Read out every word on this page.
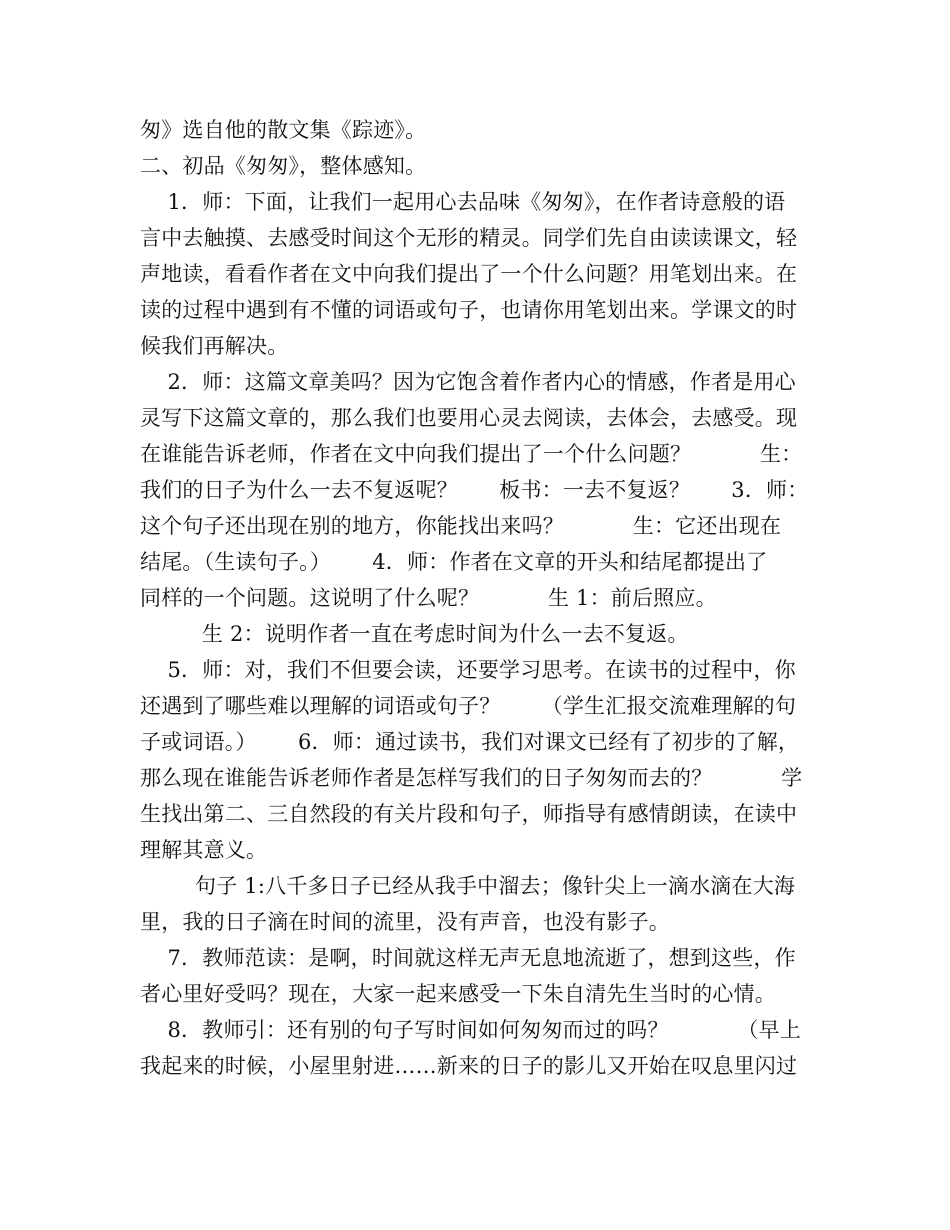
匆》选自他的散文集《踪迹》。
二、初品《匆匆》，整体感知。
1．师：下面，让我们一起用心去品味《匆匆》，在作者诗意般的语
言中去触摸、去感受时间这个无形的精灵。同学们先自由读读课文，轻
声地读，看看作者在文中向我们提出了一个什么问题？用笔划出来。在
读的过程中遇到有不懂的词语或句子，也请你用笔划出来。学课文的时
候我们再解决。
2．师：这篇文章美吗？因为它饱含着作者内心的情感，作者是用心
灵写下这篇文章的，那么我们也要用心灵去阅读，去体会，去感受。现
在谁能告诉老师，作者在文中向我们提出了一个什么问题？          生：
我们的日子为什么一去不复返呢？      板书：一去不复返？      3．师：
这个句子还出现在别的地方，你能找出来吗？          生：它还出现在
结尾。（生读句子。）      4．师：作者在文章的开头和结尾都提出了
同样的一个问题。这说明了什么呢？          生 1：前后照应。
生 2：说明作者一直在考虑时间为什么一去不复返。
5．师：对，我们不但要会读，还要学习思考。在读书的过程中，你
还遇到了哪些难以理解的词语或句子？      （学生汇报交流难理解的句
子或词语。）      6．师：通过读书，我们对课文已经有了初步的了解，
那么现在谁能告诉老师作者是怎样写我们的日子匆匆而去的？          学
生找出第二、三自然段的有关片段和句子，师指导有感情朗读，在读中
理解其意义。
句子 1:八千多日子已经从我手中溜去；像针尖上一滴水滴在大海
里，我的日子滴在时间的流里，没有声音，也没有影子。
7．教师范读：是啊，时间就这样无声无息地流逝了，想到这些，作
者心里好受吗？现在，大家一起来感受一下朱自清先生当时的心情。
8．教师引：还有别的句子写时间如何匆匆而过的吗？          （早上
我起来的时候，小屋里射进……新来的日子的影儿又开始在叹息里闪过
